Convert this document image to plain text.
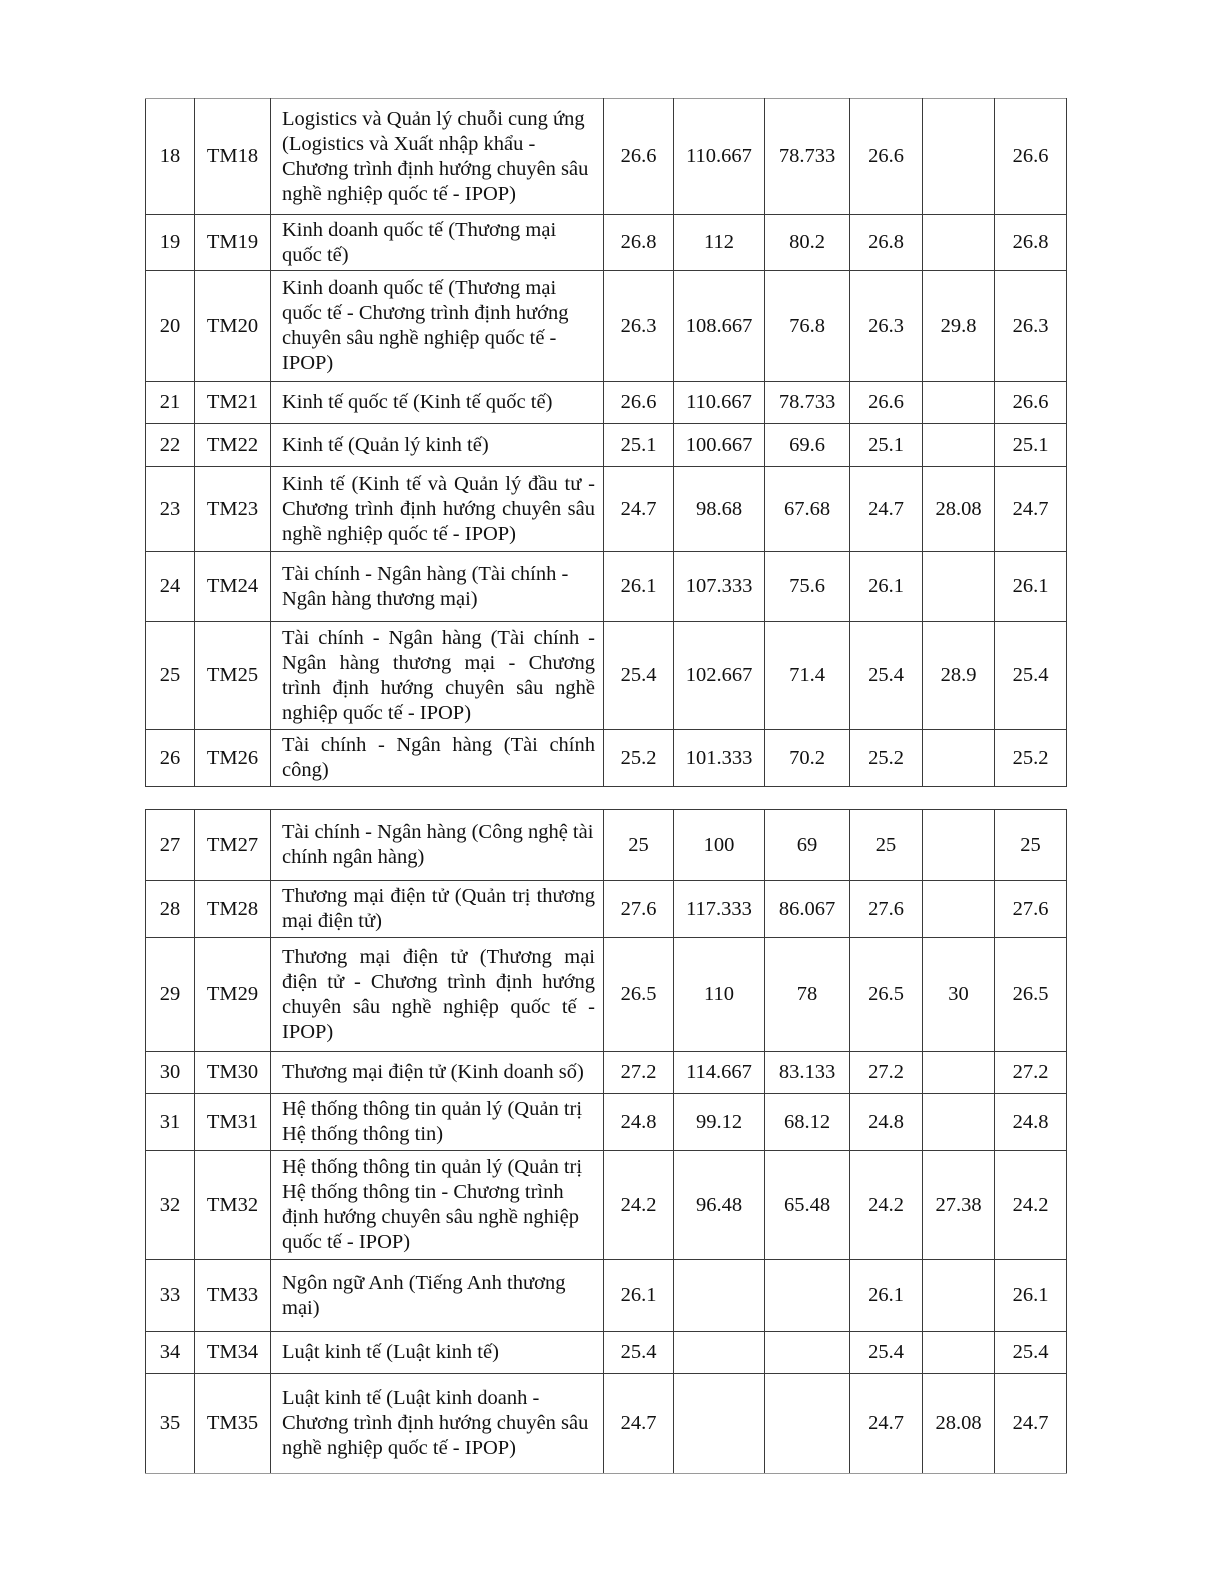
18	TM18	Logistics và Quản lý chuỗi cung ứng (Logistics và Xuất nhập khẩu - Chương trình định hướng chuyên sâu nghề nghiệp quốc tế - IPOP)	26.6	110.667	78.733	26.6		26.6
19	TM19	Kinh doanh quốc tế (Thương mại quốc tế)	26.8	112	80.2	26.8		26.8
20	TM20	Kinh doanh quốc tế (Thương mại quốc tế - Chương trình định hướng chuyên sâu nghề nghiệp quốc tế - IPOP)	26.3	108.667	76.8	26.3	29.8	26.3
21	TM21	Kinh tế quốc tế (Kinh tế quốc tế)	26.6	110.667	78.733	26.6		26.6
22	TM22	Kinh tế (Quản lý kinh tế)	25.1	100.667	69.6	25.1		25.1
23	TM23	Kinh tế (Kinh tế và Quản lý đầu tư - Chương trình định hướng chuyên sâu nghề nghiệp quốc tế - IPOP)	24.7	98.68	67.68	24.7	28.08	24.7
24	TM24	Tài chính - Ngân hàng (Tài chính - Ngân hàng thương mại)	26.1	107.333	75.6	26.1		26.1
25	TM25	Tài chính - Ngân hàng (Tài chính - Ngân hàng thương mại - Chương trình định hướng chuyên sâu nghề nghiệp quốc tế - IPOP)	25.4	102.667	71.4	25.4	28.9	25.4
26	TM26	Tài chính - Ngân hàng (Tài chính công)	25.2	101.333	70.2	25.2		25.2
27	TM27	Tài chính - Ngân hàng (Công nghệ tài chính ngân hàng)	25	100	69	25		25
28	TM28	Thương mại điện tử (Quản trị thương mại điện tử)	27.6	117.333	86.067	27.6		27.6
29	TM29	Thương mại điện tử (Thương mại điện tử - Chương trình định hướng chuyên sâu nghề nghiệp quốc tế - IPOP)	26.5	110	78	26.5	30	26.5
30	TM30	Thương mại điện tử (Kinh doanh số)	27.2	114.667	83.133	27.2		27.2
31	TM31	Hệ thống thông tin quản lý (Quản trị Hệ thống thông tin)	24.8	99.12	68.12	24.8		24.8
32	TM32	Hệ thống thông tin quản lý (Quản trị Hệ thống thông tin - Chương trình định hướng chuyên sâu nghề nghiệp quốc tế - IPOP)	24.2	96.48	65.48	24.2	27.38	24.2
33	TM33	Ngôn ngữ Anh (Tiếng Anh thương mại)	26.1			26.1		26.1
34	TM34	Luật kinh tế (Luật kinh tế)	25.4			25.4		25.4
35	TM35	Luật kinh tế (Luật kinh doanh - Chương trình định hướng chuyên sâu nghề nghiệp quốc tế - IPOP)	24.7			24.7	28.08	24.7
